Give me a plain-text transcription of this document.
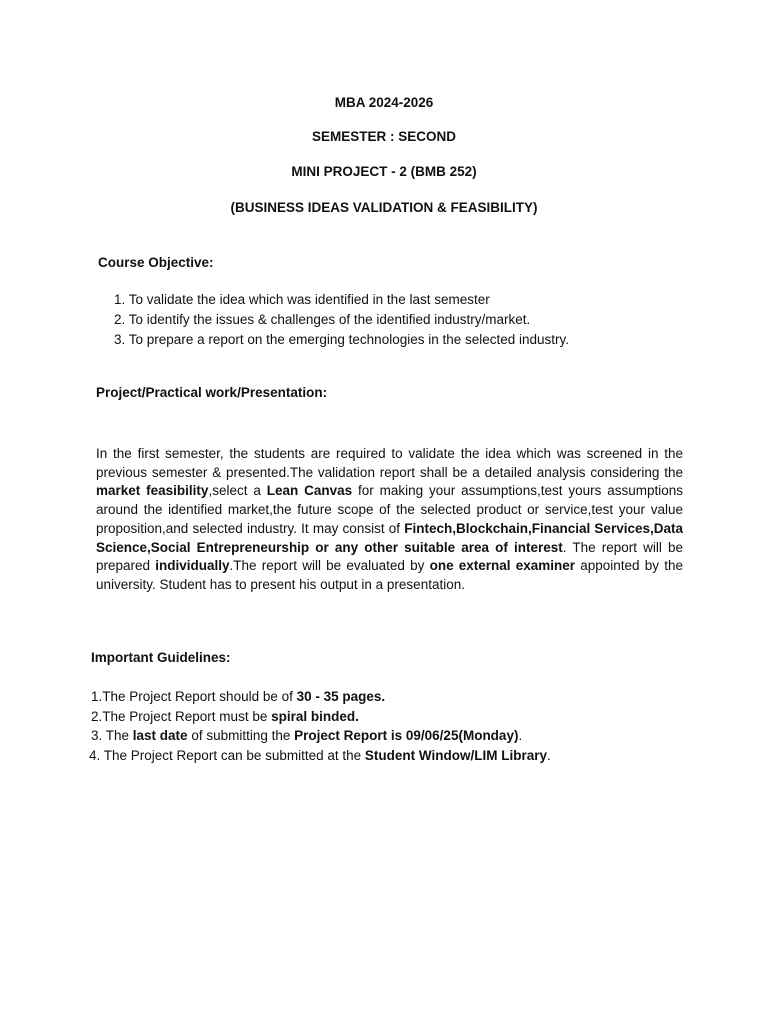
MBA 2024-2026
SEMESTER : SECOND
MINI PROJECT - 2 (BMB 252)
(BUSINESS IDEAS VALIDATION & FEASIBILITY)
Course Objective:
1. To validate the idea which was identified in the last semester
2. To identify the issues & challenges of the identified industry/market.
3. To prepare a report on the emerging technologies in the selected industry.
Project/Practical work/Presentation:

In the first semester, the students are required to validate the idea which was screened in the previous semester & presented.The validation report shall be a detailed analysis considering the market feasibility,select a Lean Canvas for making your assumptions,test yours assumptions around the identified market,the future scope of the selected product or service,test your value proposition,and selected industry. It may consist of Fintech,Blockchain,Financial Services,Data Science,Social Entrepreneurship or any other suitable area of interest. The report will be prepared individually.The report will be evaluated by one external examiner appointed by the university. Student has to present his output in a presentation.

Important Guidelines:
1.The Project Report should be of 30 - 35 pages.
2.The Project Report must be spiral binded.
3. The last date of submitting the Project Report is 09/06/25(Monday).
4. The Project Report can be submitted at the Student Window/LIM Library.
